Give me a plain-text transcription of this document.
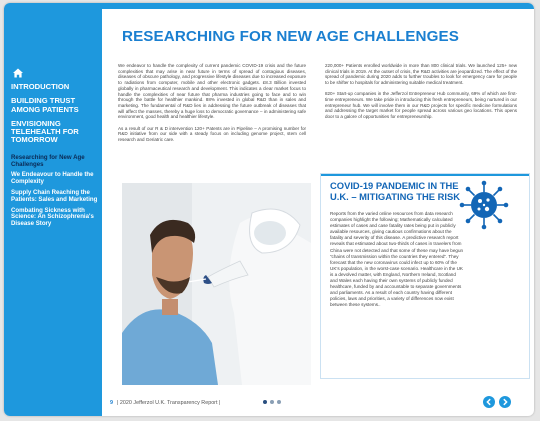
INTRODUCTION
BUILDING TRUST AMONG PATIENTS
ENVISIONING TELEHEALTH FOR TOMORROW
Researching for New Age Challenges
We Endeavour to Handle the Complexity
Supply Chain Reaching the Patients: Sales and Marketing
Combating Sickness with Science: An Schizophrenia's Disease Story
RESEARCHING FOR NEW AGE CHALLENGES

We endeavor to handle the complexity of current pandemic COVID-19 crisis and the future complexities that may arise in near future in terms of spread of contagious diseases, diseases of obscure pathology, and progressive lifestyle diseases due to increased exposure to radiations from computer, mobile and other electronic gadgets. £8.3 Billion invested globally in pharmaceutical research and development. This indicates a clear market focus to handle the complexities of near future that pharma industries going to face and to win through the battle for healthier mankind. 88% invested in global R&D than in sales and marketing. The fundamental of R&D lies in addressing the future outbreak of diseases that will affect the masses, thereby a huge loss to democratic governance – in administering safe environment, good health and healthier lifestyle.

As a result of our R & D intervention 120+ Patents are in Pipeline – A promising number for R&D initiative from our side with a steady focus on including genome project, stem cell research and Geriatric care.

220,000+ Patients enrolled worldwide in more than 800 clinical trials. We launched 125+ new clinical trials in 2019. At the outset of crisis, the R&D activities are jeopardized. The effect of the spread of pandemic during 2020 adds to further troubles to look for emergency care for people to be shifter to hospitals for administering suitable medical treatment.

820+ Start-up companies in the Jefferzol Entrepreneur Hub community, 69% of which are first-time entrepreneurs. We take pride in introducing this fresh entrepreneurs, being nurtured in our entrepreneur hub. We will involve them in our R&D projects for specific medicine formulations and addressing the target market for people spread across various geo locations. This opens door to a galore of opportunities for entrepreneurship.

COVID-19 PANDEMIC IN THE U.K. – MITIGATING THE RISK
Reports from the varied online resources from data research companies highlight the following; Mathematically calculated estimates of cases and case fatality rates being put in publicly available resources, giving cautious confirmations about the fatality and severity of this disease. A predictive research report reveals that estimated about two-thirds of cases in travelers from China were not detected and that some of these may have begun “chains of transmission within the countries they entered”. They forecast that the new coronavirus could infect up to 60% of the UK’s population, in the worst-case scenario. Healthcare in the UK is a devolved matter, with England, Northern Ireland, Scotland and Wales each having their own systems of publicly funded healthcare, funded by and accountable to separate governments and parliaments. As a result of each country having different policies, laws and priorities, a variety of differences now exist between these systems..
9 | 2020 Jefferzol U.K. Transparency Report |
